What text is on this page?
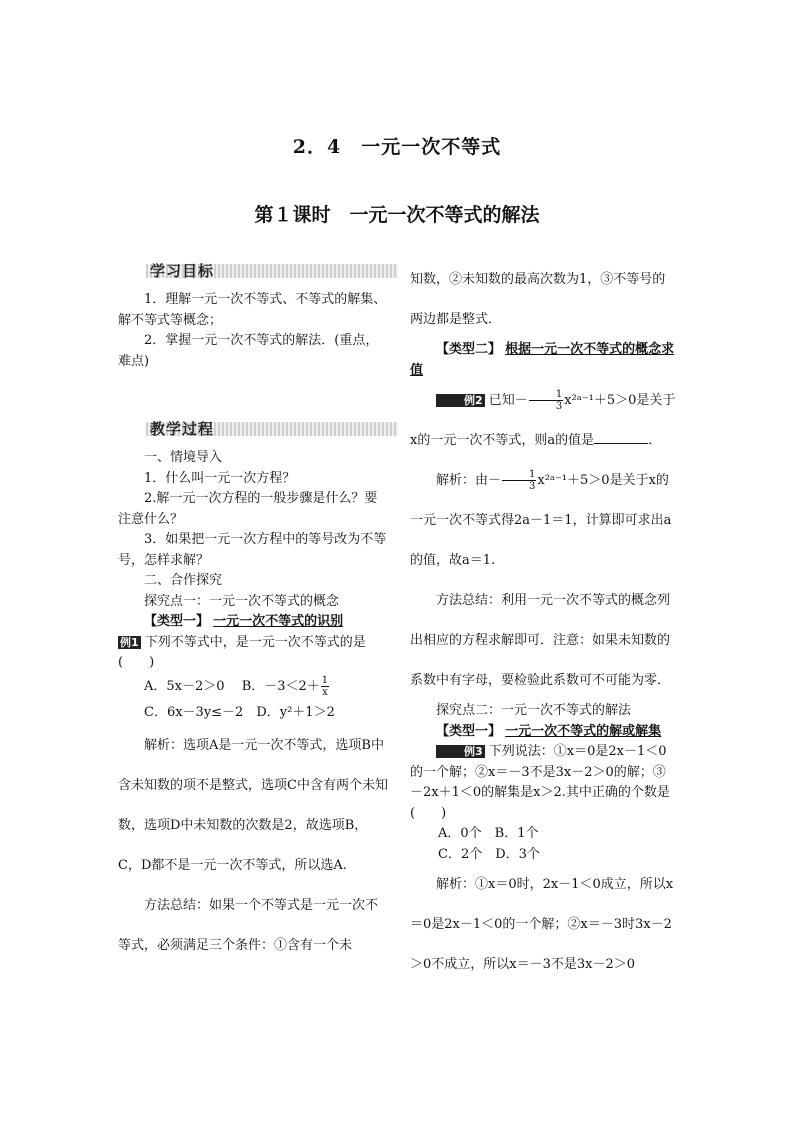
2．4　一元一次不等式
第１课时　一元一次不等式的解法
学习目标

1．理解一元一次不等式、不等式的解集、解不等式等概念；

2．掌握一元一次不等式的解法．(重点，难点)

教学过程

一、情境导入

1．什么叫一元一次方程？

2.解一元一次方程的一般步骤是什么？要注意什么？

3．如果把一元一次方程中的等号改为不等号，怎样求解？

二、合作探究

探究点一：一元一次不等式的概念

【类型一】 一元一次不等式的识别

例1 下列不等式中，是一元一次不等式的是(　　)

A．5x－2＞0　 B．$-3<2+ \frac{1}{x}$

C．6x－3y≤－2　D．y²＋1＞2

解析：选项A是一元一次不等式，选项B中含未知数的项不是整式，选项C中含有两个未知数，选项D中未知数的次数是2，故选项B，C，D都不是一元一次不等式，所以选A.

方法总结：如果一个不等式是一元一次不等式，必须满足三个条件：①含有一个未

知数，②未知数的最高次数为1，③不等号的两边都是整式．

【类型二】 根据一元一次不等式的概念求值

例2 已知－ $\frac{1}{3}$ x²ᵃ⁻¹＋5＞0是关于x的一元一次不等式，则a的值是	．

解析：由－ $\frac{1}{3}$ x²ᵃ⁻¹＋5＞0是关于x的一元一次不等式得2a－1＝1，计算即可求出a的值，故a＝1.

方法总结：利用一元一次不等式的概念列出相应的方程求解即可．注意：如果未知数的系数中有字母，要检验此系数可不可能为零．

探究点二：一元一次不等式的解法

【类型一】 一元一次不等式的解或解集

例3 下列说法：①x＝0是2x－1＜0的一个解；②x＝－3不是3x－2＞0的解；③－2x＋1＜0的解集是x＞2.其中正确的个数是(　　)

A．0个　B．1个

C．2个　D．3个

解析：①x＝0时，2x－1＜0成立，所以x＝0是2x－1＜0的一个解；②x＝－3时3x－2＞0不成立，所以x＝－3不是3x－2＞0
